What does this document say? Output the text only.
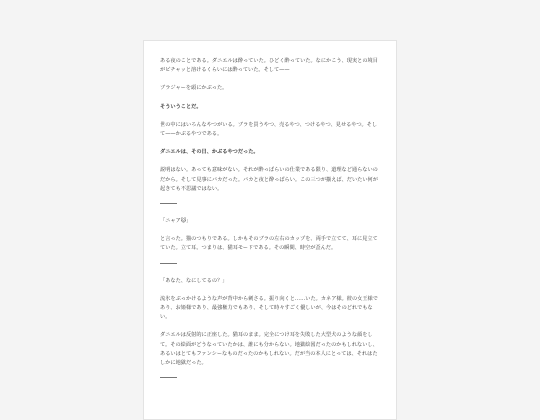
ある夜のことである。ダニエルは酔っていた。ひどく酔っていた。なにかこう、現実との境目がピチャッと溶けるくらいには酔っていた。そして——

ブラジャーを頭にかぶった。

そういうことだ。

世の中にはいろんなやつがいる。ブラを買うやつ、売るやつ、つけるやつ、見せるやつ。そして——かぶるやつである。

ダニエルは、その日、かぶるやつだった。

説明はない。あっても意味がない。それが酔っぱらいの仕業である限り、道理など通らないのだから。そして見事にバカだった。バカと夜と酔っぱらい。この三つが揃えば、だいたい何が起きても不思議ではない。

「ニャア🐱」

と言った。猫のつもりである。しかもそのブラの左右のカップを、両手で立てて、耳に見立てていた。立て耳。つまりは、猫耳モードである。その瞬間、時空が歪んだ。

「あなた、なにしてるの？」

流氷をぶっかけるような声が背中から刺さる。振り向くと……いた。カネア様。彼の女王様であり、お姫様であり、最強権力でもあり、そして時々すごく優しいが、今はそのどれでもない。

ダニエルは反射的に正座した。猫耳のまま。完全につけ耳を失敗した大型犬のような顔をして。その絵面がどうなっていたかは、誰にも分からない。地獄絵図だったのかもしれないし、あるいはとてもファンシーなものだったのかもしれない。だが当の本人にとっては、それはたしかに地獄だった。
